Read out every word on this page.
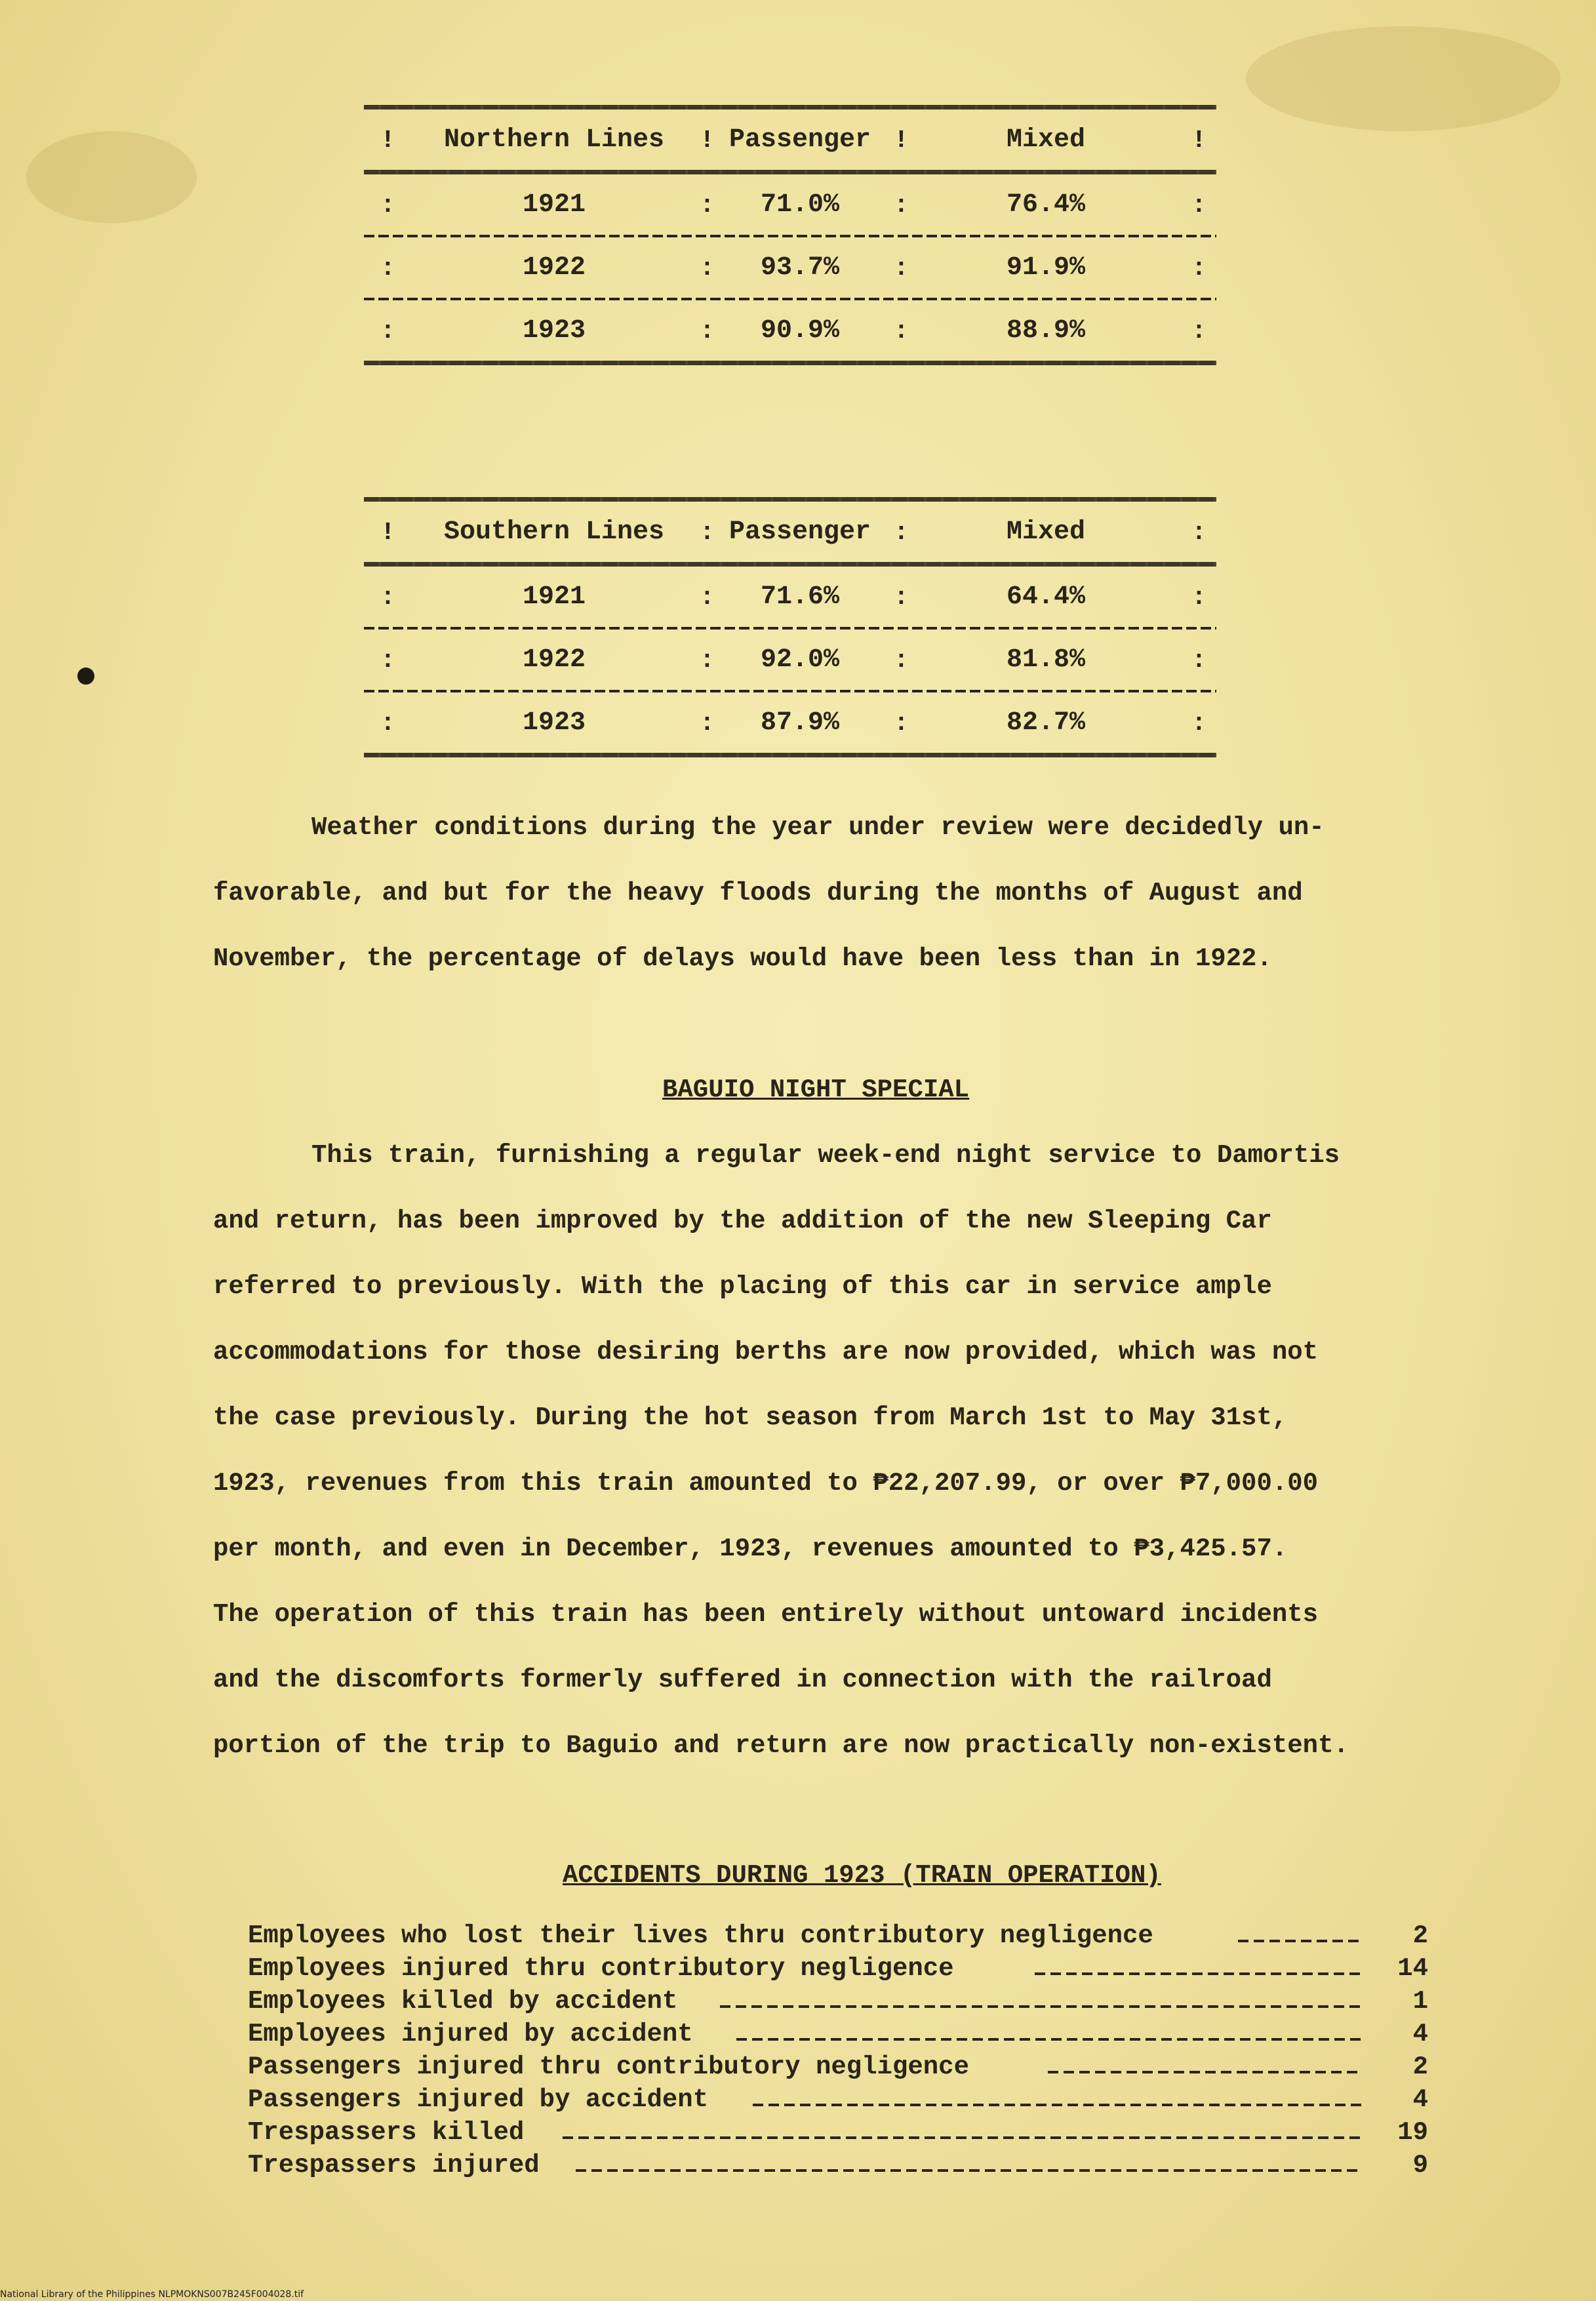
!	Northern Lines	! Passenger !	Mixed	!
:	1921	:	71.0%	:	76.4%	:
:	1922	:	93.7%	:	91.9%	:
:	1923	:	90.9%	:	88.9%	:
!	Southern Lines	: Passenger :	Mixed	:
:	1921	:	71.6%	:	64.4%	:
:	1922	:	92.0%	:	81.8%	:
:	1923	:	87.9%	:	82.7%	:
Weather conditions during the year under review were decidedly un-
favorable, and but for the heavy floods during the months of August and
November, the percentage of delays would have been less than in 1922.
BAGUIO NIGHT SPECIAL
This train, furnishing a regular week-end night service to Damortis
and return, has been improved by the addition of the new Sleeping Car
referred to previously. With the placing of this car in service ample
accommodations for those desiring berths are now provided, which was not
the case previously. During the hot season from March 1st to May 31st,
1923, revenues from this train amounted to ₱22,207.99, or over ₱7,000.00
per month, and even in December, 1923, revenues amounted to ₱3,425.57.
The operation of this train has been entirely without untoward incidents
and the discomforts formerly suffered in connection with the railroad
portion of the trip to Baguio and return are now practically non-existent.
ACCIDENTS DURING 1923 (TRAIN OPERATION)
Employees who lost their lives thru contributory negligence	2
Employees injured thru contributory negligence	14
Employees killed by accident	1
Employees injured by accident	4
Passengers injured thru contributory negligence	2
Passengers injured by accident	4
Trespassers killed	19
Trespassers injured	9
National Library of the Philippines NLPMOKNS007B245F004028.tif
